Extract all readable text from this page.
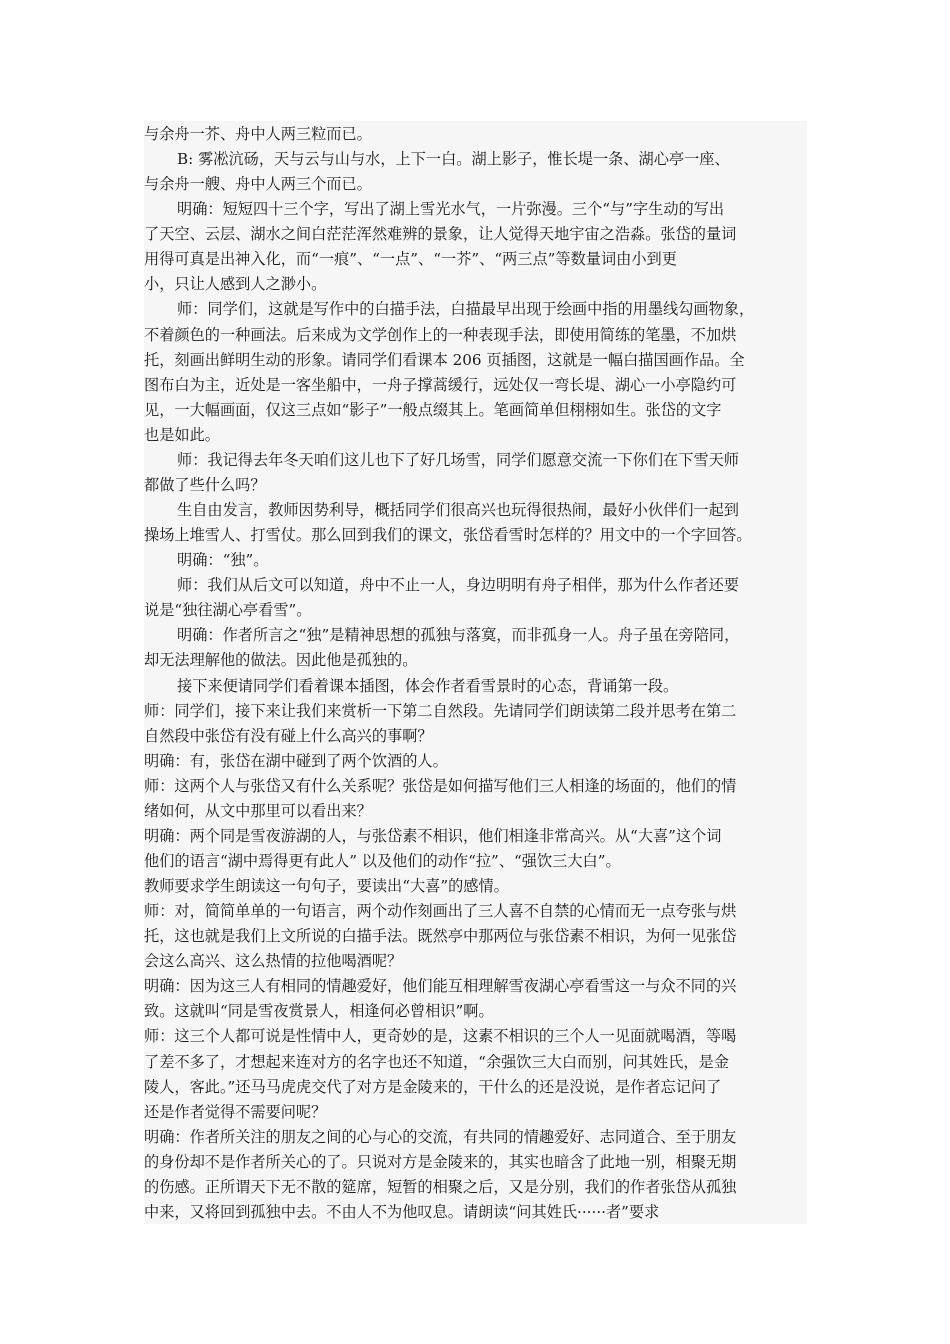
与余舟一芥、舟中人两三粒而已。
B: 雾凇沆砀，天与云与山与水，上下一白。湖上影子，惟长堤一条、湖心亭一座、
与余舟一艘、舟中人两三个而已。
明确：短短四十三个字，写出了湖上雪光水气，一片弥漫。三个“与”字生动的写出
了天空、云层、湖水之间白茫茫浑然难辨的景象，让人觉得天地宇宙之浩淼。张岱的量词
用得可真是出神入化，而“一痕”、“一点”、“一芥”、“两三点”等数量词由小到更
小，只让人感到人之渺小。
师：同学们，这就是写作中的白描手法，白描最早出现于绘画中指的用墨线勾画物象，
不着颜色的一种画法。后来成为文学创作上的一种表现手法，即使用简练的笔墨，不加烘
托，刻画出鲜明生动的形象。请同学们看课本 206 页插图，这就是一幅白描国画作品。全
图布白为主，近处是一客坐船中，一舟子撑蒿缓行，远处仅一弯长堤、湖心一小亭隐约可
见，一大幅画面，仅这三点如“影子”一般点缀其上。笔画简单但栩栩如生。张岱的文字
也是如此。
师：我记得去年冬天咱们这儿也下了好几场雪，同学们愿意交流一下你们在下雪天师
都做了些什么吗？
生自由发言，教师因势利导，概括同学们很高兴也玩得很热闹，最好小伙伴们一起到
操场上堆雪人、打雪仗。那么回到我们的课文，张岱看雪时怎样的？用文中的一个字回答。
明确：“独”。
师：我们从后文可以知道，舟中不止一人，身边明明有舟子相伴，那为什么作者还要
说是“独往湖心亭看雪”。
明确：作者所言之“独”是精神思想的孤独与落寞，而非孤身一人。舟子虽在旁陪同，
却无法理解他的做法。因此他是孤独的。
接下来便请同学们看着课本插图，体会作者看雪景时的心态，背诵第一段。
师：同学们，接下来让我们来赏析一下第二自然段。先请同学们朗读第二段并思考在第二
自然段中张岱有没有碰上什么高兴的事啊？
明确：有，张岱在湖中碰到了两个饮酒的人。
师：这两个人与张岱又有什么关系呢？张岱是如何描写他们三人相逢的场面的，他们的情
绪如何，从文中那里可以看出来？
明确：两个同是雪夜游湖的人，与张岱素不相识，他们相逢非常高兴。从“大喜”这个词
他们的语言“湖中焉得更有此人” 以及他们的动作“拉”、“强饮三大白”。
教师要求学生朗读这一句句子，要读出“大喜”的感情。
师：对，简简单单的一句语言，两个动作刻画出了三人喜不自禁的心情而无一点夸张与烘
托，这也就是我们上文所说的白描手法。既然亭中那两位与张岱素不相识，为何一见张岱
会这么高兴、这么热情的拉他喝酒呢？
明确：因为这三人有相同的情趣爱好，他们能互相理解雪夜湖心亭看雪这一与众不同的兴
致。这就叫“同是雪夜赏景人，相逢何必曾相识”啊。
师：这三个人都可说是性情中人，更奇妙的是，这素不相识的三个人一见面就喝酒，等喝
了差不多了，才想起来连对方的名字也还不知道，“余强饮三大白而别，问其姓氏，是金
陵人，客此。”还马马虎虎交代了对方是金陵来的，干什么的还是没说，是作者忘记问了
还是作者觉得不需要问呢？
明确：作者所关注的朋友之间的心与心的交流，有共同的情趣爱好、志同道合、至于朋友
的身份却不是作者所关心的了。只说对方是金陵来的，其实也暗含了此地一别，相聚无期
的伤感。正所谓天下无不散的筵席，短暂的相聚之后，又是分别，我们的作者张岱从孤独
中来，又将回到孤独中去。不由人不为他叹息。请朗读“问其姓氏······者”要求
